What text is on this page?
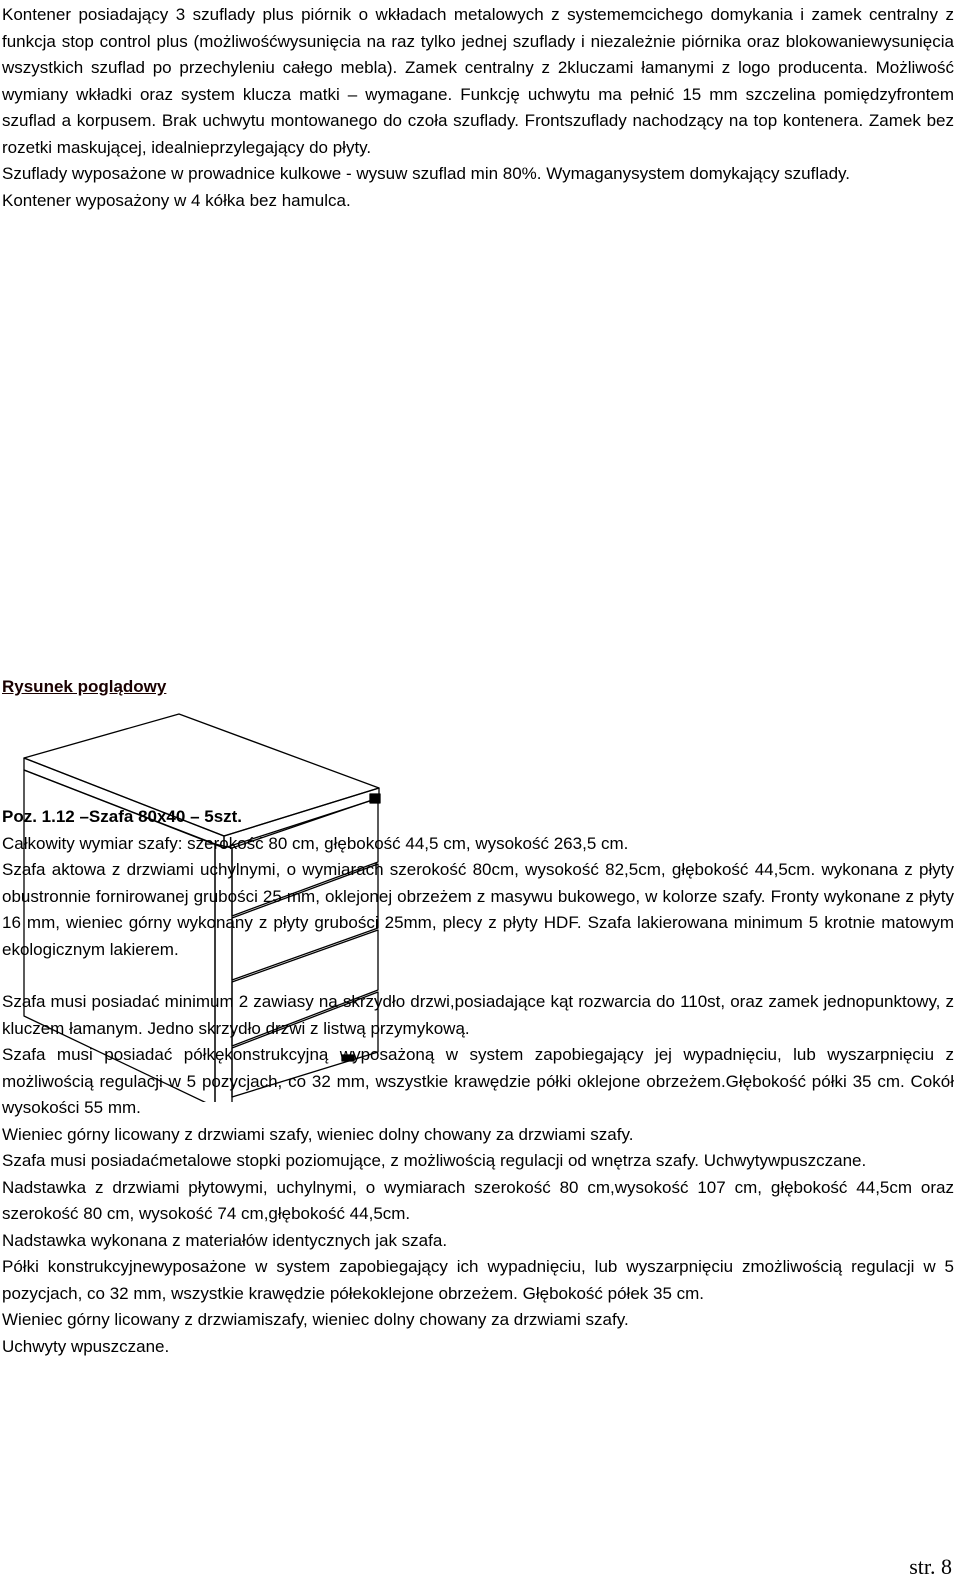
Kontener posiadający 3 szuflady plus piórnik o wkładach metalowych z systememcichego domykania i zamek centralny z funkcja stop control plus (możliwośćwysunięcia na raz tylko jednej szuflady i niezależnie piórnika oraz blokowaniewysunięcia wszystkich szuflad po przechyleniu całego mebla). Zamek centralny z 2kluczami łamanymi z logo producenta. Możliwość wymiany wkładki oraz system klucza matki – wymagane. Funkcję uchwytu ma pełnić 15 mm szczelina pomiędzyfrontem szuflad a korpusem. Brak uchwytu montowanego do czoła szuflady. Frontszuflady nachodzący na top kontenera. Zamek bez rozetki maskującej, idealnieprzylegający do płyty.

Szuflady wyposażone w prowadnice kulkowe - wysuw szuflad min 80%. Wymaganysystem domykający szuflady.

Kontener wyposażony w 4 kółka bez hamulca.

Rysunek poglądowy

Poz. 1.12 –Szafa 80x40 – 5szt.

Całkowity wymiar szafy: szerokość 80 cm, głębokość 44,5 cm, wysokość 263,5 cm.

Szafa aktowa z drzwiami uchylnymi, o wymiarach szerokość 80cm, wysokość 82,5cm, głębokość 44,5cm. wykonana z płyty obustronnie fornirowanej grubości 25 mm, oklejonej obrzeżem z masywu bukowego, w kolorze szafy. Fronty wykonane z płyty 16 mm, wieniec górny wykonany z płyty grubości 25mm, plecy z płyty HDF. Szafa lakierowana minimum 5 krotnie matowym ekologicznym lakierem.

Szafa musi posiadać minimum 2 zawiasy na skrzydło drzwi,posiadające kąt rozwarcia do 110st, oraz zamek jednopunktowy, z kluczem łamanym. Jedno skrzydło drzwi z listwą przymykową.

Szafa musi posiadać półkękonstrukcyjną wyposażoną w system zapobiegający jej wypadnięciu, lub wyszarpnięciu z możliwością regulacji w 5 pozycjach, co 32 mm, wszystkie krawędzie półki oklejone obrzeżem.Głębokość półki 35 cm. Cokół wysokości 55 mm.

Wieniec górny licowany z drzwiami szafy, wieniec dolny chowany za drzwiami szafy.

Szafa musi posiadaćmetalowe stopki poziomujące, z możliwością regulacji od wnętrza szafy. Uchwytywpuszczane.

Nadstawka z drzwiami płytowymi, uchylnymi, o wymiarach szerokość 80 cm,wysokość 107 cm, głębokość 44,5cm oraz szerokość 80 cm, wysokość 74 cm,głębokość 44,5cm.

Nadstawka wykonana z materiałów identycznych jak szafa.

Półki konstrukcyjnewyposażone w system zapobiegający ich wypadnięciu, lub wyszarpnięciu zmożliwością regulacji w 5 pozycjach, co 32 mm, wszystkie krawędzie półekoklejone obrzeżem. Głębokość półek 35 cm.

Wieniec górny licowany z drzwiamiszafy, wieniec dolny chowany za drzwiami szafy.

Uchwyty wpuszczane.

str. 8
